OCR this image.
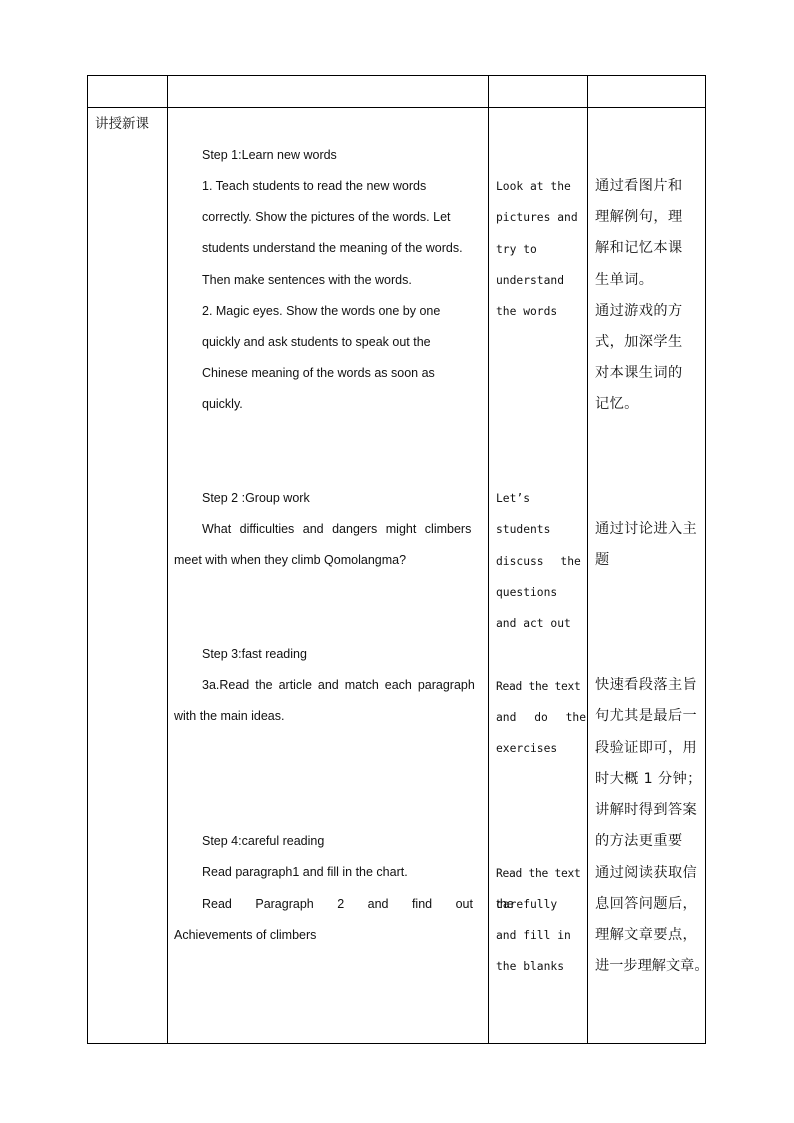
讲授新课
Step 1:Learn new words
1. Teach students to read the new words
correctly. Show the pictures of the words. Let
students understand the meaning of the words.
Then make sentences with the words.
2. Magic eyes. Show the words one by one
quickly and ask students to speak out the
Chinese meaning of the words as soon as
quickly.
Step 2 :Group work
What difficulties and dangers might climbers
meet with when they climb Qomolangma?
Step 3:fast reading
3a.Read the article and match each paragraph
with the main ideas.
Step 4:careful reading
Read paragraph1 and fill in the chart.
Read Paragraph 2 and find out the
Achievements of climbers
Look at the
pictures and
try to
understand
the words
Let’s
students
discuss the
questions
and act out
Read the text
and do the
exercises
Read the text
carefully
and fill in
the blanks
通过看图片和
理解例句，理
解和记忆本课
生单词。
通过游戏的方
式，加深学生
对本课生词的
记忆。
通过讨论进入主
题
快速看段落主旨
句尤其是最后一
段验证即可，用
时大概 1 分钟；
讲解时得到答案
的方法更重要
通过阅读获取信
息回答问题后，
理解文章要点，
进一步理解文章。
